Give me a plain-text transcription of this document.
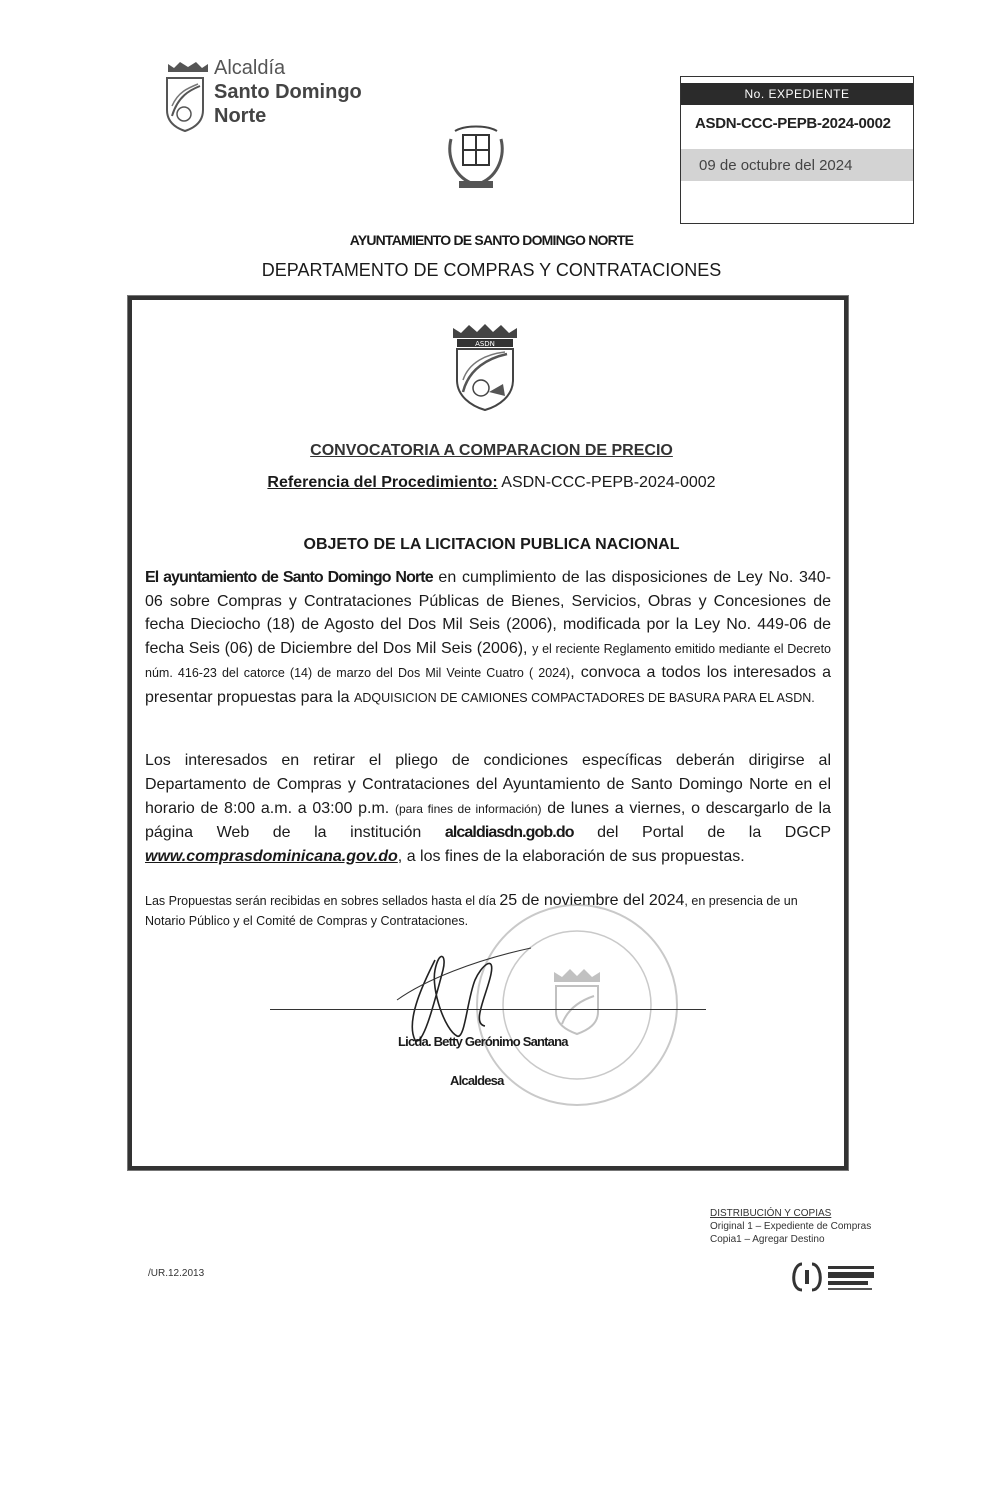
Alcaldía
Santo Domingo
Norte
No. EXPEDIENTE
ASDN-CCC-PEPB-2024-0002
09 de octubre del 2024
AYUNTAMIENTO DE SANTO DOMINGO NORTE
DEPARTAMENTO DE COMPRAS Y CONTRATACIONES
ASDN
CONVOCATORIA A COMPARACION DE PRECIO
Referencia del Procedimiento: ASDN-CCC-PEPB-2024-0002
OBJETO DE LA LICITACION PUBLICA NACIONAL
El ayuntamiento de Santo Domingo Norte en cumplimiento de las disposiciones de Ley No. 340-06 sobre Compras y Contrataciones Públicas de Bienes, Servicios, Obras y Concesiones de fecha Dieciocho (18) de Agosto del Dos Mil Seis (2006), modificada por la Ley No. 449-06 de fecha Seis (06) de Diciembre del Dos Mil Seis (2006), y el reciente Reglamento emitido mediante el Decreto núm. 416-23 del catorce (14) de marzo del Dos Mil Veinte Cuatro ( 2024), convoca a todos los interesados a presentar propuestas para la ADQUISICION DE CAMIONES COMPACTADORES DE BASURA PARA EL ASDN.
Los interesados en retirar el pliego de condiciones específicas deberán dirigirse al Departamento de Compras y Contrataciones del Ayuntamiento de Santo Domingo Norte en el horario de 8:00 a.m. a 03:00 p.m. (para fines de información) de lunes a viernes, o descargarlo de la página Web de la institución alcaldiasdn.gob.do del Portal de la DGCP www.comprasdominicana.gov.do, a los fines de la elaboración de sus propuestas.
Las Propuestas serán recibidas en sobres sellados hasta el día 25 de noviembre del 2024, en presencia de un Notario Público y el Comité de Compras y Contrataciones.
Licda. Betty Gerónimo Santana
Alcaldesa
DISTRIBUCIÓN Y COPIAS
Original 1 – Expediente de Compras
Copia1 – Agregar Destino
/UR.12.2013
